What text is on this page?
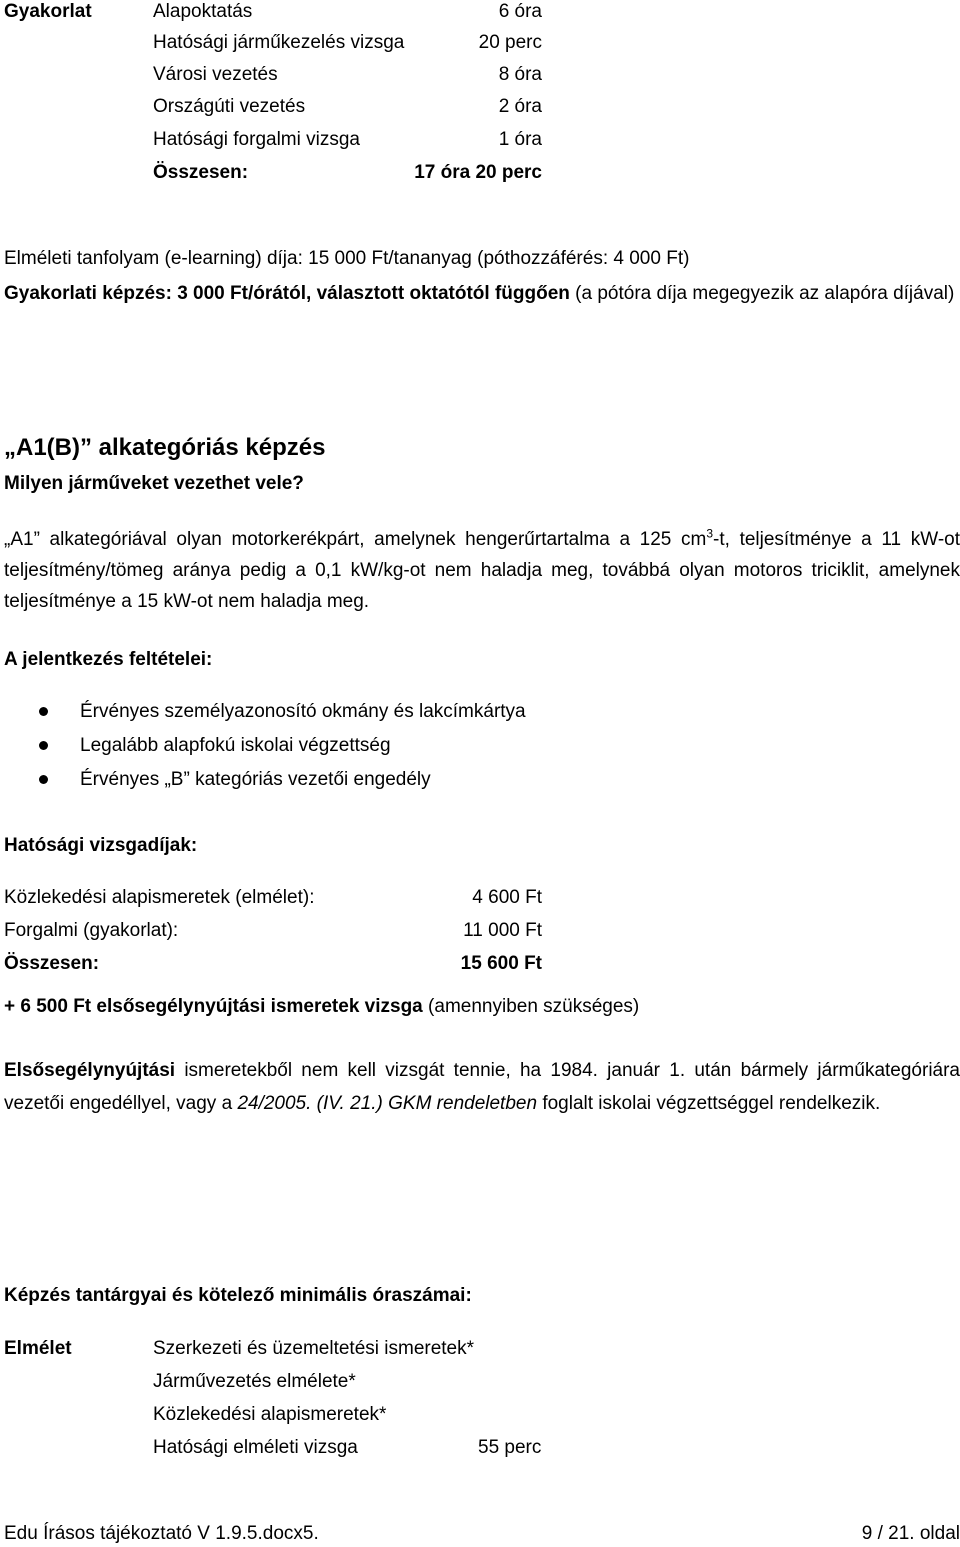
Gyakorlat	Alapoktatás	6 óra
Hatósági járműkezelés vizsga	20 perc
Városi vezetés	8 óra
Országúti vezetés	2 óra
Hatósági forgalmi vizsga	1 óra
Összesen:	17 óra 20 perc
Elméleti tanfolyam (e-learning) díja: 15 000 Ft/tananyag (póthozzáférés: 4 000 Ft)
Gyakorlati képzés: 3 000 Ft/órától, választott oktatótól függően (a pótóra díja megegyezik az alapóra díjával)
„A1(B)” alkategóriás képzés
Milyen járműveket vezethet vele?
„A1” alkategóriával olyan motorkerékpárt, amelynek hengerűrtartalma a 125 $cm^3-t$, teljesítménye a 11 kW-ot teljesítmény/tömeg aránya pedig a 0,1 kW/kg-ot nem haladja meg, továbbá olyan motoros triciklit, amelynek teljesítménye a 15 kW-ot nem haladja meg.
A jelentkezés feltételei:
Érvényes személyazonosító okmány és lakcímkártya
Legalább alapfokú iskolai végzettség
Érvényes „B” kategóriás vezetői engedély
Hatósági vizsgadíjak:
Közlekedési alapismeretek (elmélet):	4 600 Ft
Forgalmi (gyakorlat):	11 000 Ft
Összesen:	15 600 Ft
+ 6 500 Ft elsősegélynyújtási ismeretek vizsga (amennyiben szükséges)
Elsősegélynyújtási ismeretekből nem kell vizsgát tennie, ha 1984. január 1. után bármely járműkategóriára vezetői engedéllyel, vagy a 24/2005. (IV. 21.) GKM rendeletben foglalt iskolai végzettséggel rendelkezik.
Képzés tantárgyai és kötelező minimális óraszámai:
Elmélet	Szerkezeti és üzemeltetési ismeretek*
Járművezetés elmélete*
Közlekedési alapismeretek*
Hatósági elméleti vizsga	55 perc
Edu Írásos tájékoztató V 1.9.5.docx5.	9 / 21. oldal
